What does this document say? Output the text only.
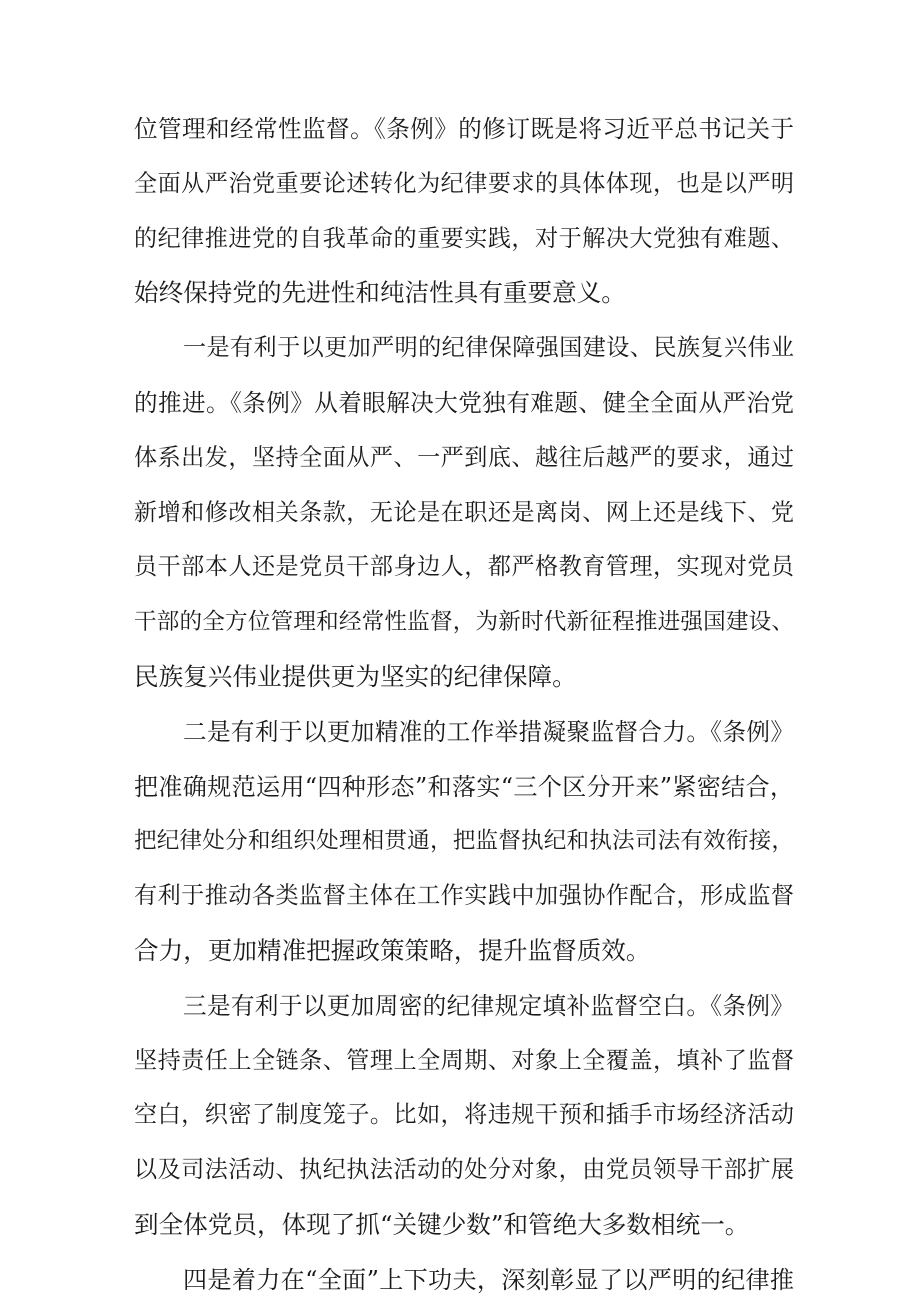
位管理和经常性监督。《条例》的修订既是将习近平总书记关于
全面从严治党重要论述转化为纪律要求的具体体现，也是以严明
的纪律推进党的自我革命的重要实践，对于解决大党独有难题、
始终保持党的先进性和纯洁性具有重要意义。
一是有利于以更加严明的纪律保障强国建设、民族复兴伟业
的推进。《条例》从着眼解决大党独有难题、健全全面从严治党
体系出发，坚持全面从严、一严到底、越往后越严的要求，通过
新增和修改相关条款，无论是在职还是离岗、网上还是线下、党
员干部本人还是党员干部身边人，都严格教育管理，实现对党员
干部的全方位管理和经常性监督，为新时代新征程推进强国建设、
民族复兴伟业提供更为坚实的纪律保障。
二是有利于以更加精准的工作举措凝聚监督合力。《条例》
把准确规范运用“四种形态”和落实“三个区分开来”紧密结合，
把纪律处分和组织处理相贯通，把监督执纪和执法司法有效衔接，
有利于推动各类监督主体在工作实践中加强协作配合，形成监督
合力，更加精准把握政策策略，提升监督质效。
三是有利于以更加周密的纪律规定填补监督空白。《条例》
坚持责任上全链条、管理上全周期、对象上全覆盖，填补了监督
空白，织密了制度笼子。比如，将违规干预和插手市场经济活动
以及司法活动、执纪执法活动的处分对象，由党员领导干部扩展
到全体党员，体现了抓“关键少数”和管绝大多数相统一。
四是着力在“全面”上下功夫，深刻彰显了以严明的纪律推
